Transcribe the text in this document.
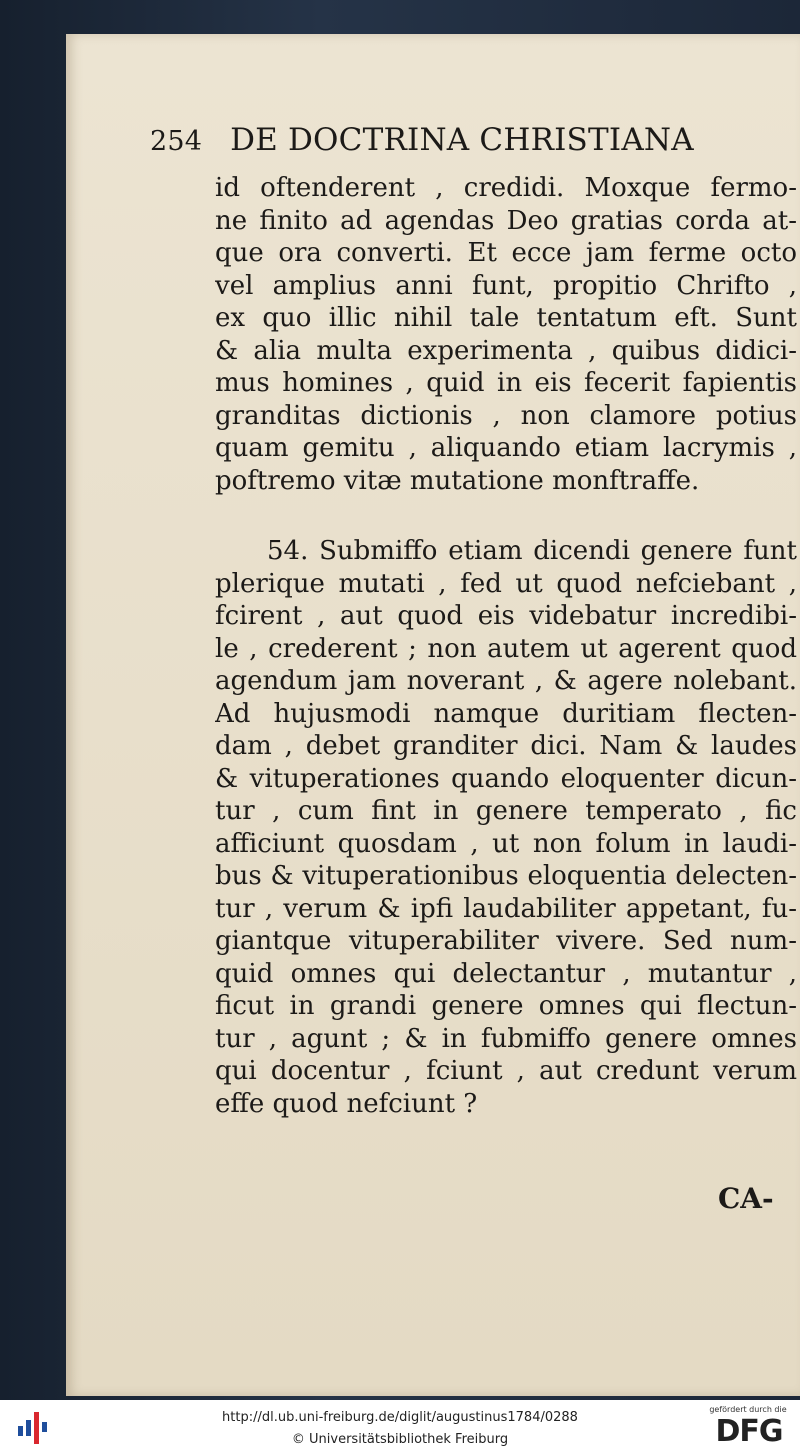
254 DE DOCTRINA CHRISTIANA
id oftenderent , credidi. Moxque fermo-
ne finito ad agendas Deo gratias corda at-
que ora converti. Et ecce jam ferme octo
vel amplius anni funt, propitio Chrifto ,
ex quo illic nihil tale tentatum eft. Sunt
& alia multa experimenta , quibus didici-
mus homines , quid in eis fecerit fapientis
granditas dictionis , non clamore potius
quam gemitu , aliquando etiam lacrymis ,
poftremo vitæ mutatione monftraffe.
54. Submiffo etiam dicendi genere funt
plerique mutati , fed ut quod nefciebant ,
fcirent , aut quod eis videbatur incredibi-
le , crederent ; non autem ut agerent quod
agendum jam noverant , & agere nolebant.
Ad hujusmodi namque duritiam flecten-
dam , debet granditer dici. Nam & laudes
& vituperationes quando eloquenter dicun-
tur , cum fint in genere temperato , fic
afficiunt quosdam , ut non folum in laudi-
bus & vituperationibus eloquentia delecten-
tur , verum & ipfi laudabiliter appetant, fu-
giantque vituperabiliter vivere. Sed num-
quid omnes qui delectantur , mutantur ,
ficut in grandi genere omnes qui flectun-
tur , agunt ; & in fubmiffo genere omnes
qui docentur , fciunt , aut credunt verum
effe quod nefciunt ?
CA-
http://dl.ub.uni-freiburg.de/diglit/augustinus1784/0288
© Universitätsbibliothek Freiburg
gefördert durch die
DFG
